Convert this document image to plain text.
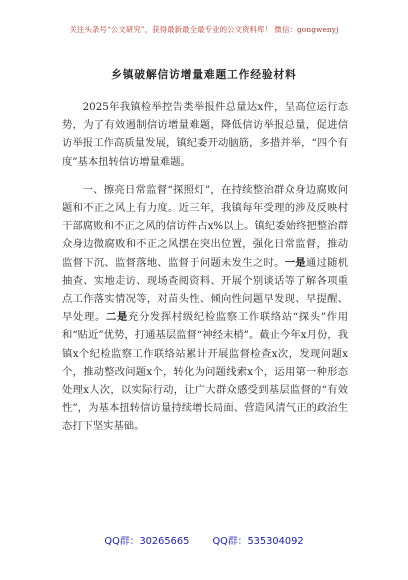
关注头条号“公文研究”，获得最新最全最专业的公文资料库！ 微信：gongwenyj
乡镇破解信访增量难题工作经验材料

2025年我镇检举控告类举报件总量达x件，呈高位运行态势，为了有效遏制信访增量难题，降低信访举报总量，促进信访举报工作高质量发展，镇纪委开动脑筋，多措并举，“四个有度”基本扭转信访增量难题。

一、擦亮日常监督“探照灯”，在持续整治群众身边腐败问题和不正之风上有力度。近三年，我镇每年受理的涉及反映村干部腐败和不正之风的信访件占x%以上。镇纪委始终把整治群众身边微腐败和不正之风摆在突出位置，强化日常监督，推动监督下沉、监督落地、监督于问题未发生之时。一是通过随机抽查、实地走访、现场查阅资料、开展个别谈话等了解各项重点工作落实情况等，对苗头性、倾向性问题早发现、早提醒、早处理。二是充分发挥村级纪检监察工作联络站“探头”作用和“贴近”优势，打通基层监督“神经末梢”。截止今年x月份，我镇x个纪检监察工作联络站累计开展监督检查x次，发现问题x个，推动整改问题x个，转化为问题线索x个，运用第一种形态处理x人次，以实际行动，让广大群众感受到基层监督的“有效性”，为基本扭转信访量持续增长局面、营造风清气正的政治生态打下坚实基础。

QQ群：30265665 QQ群：535304092
